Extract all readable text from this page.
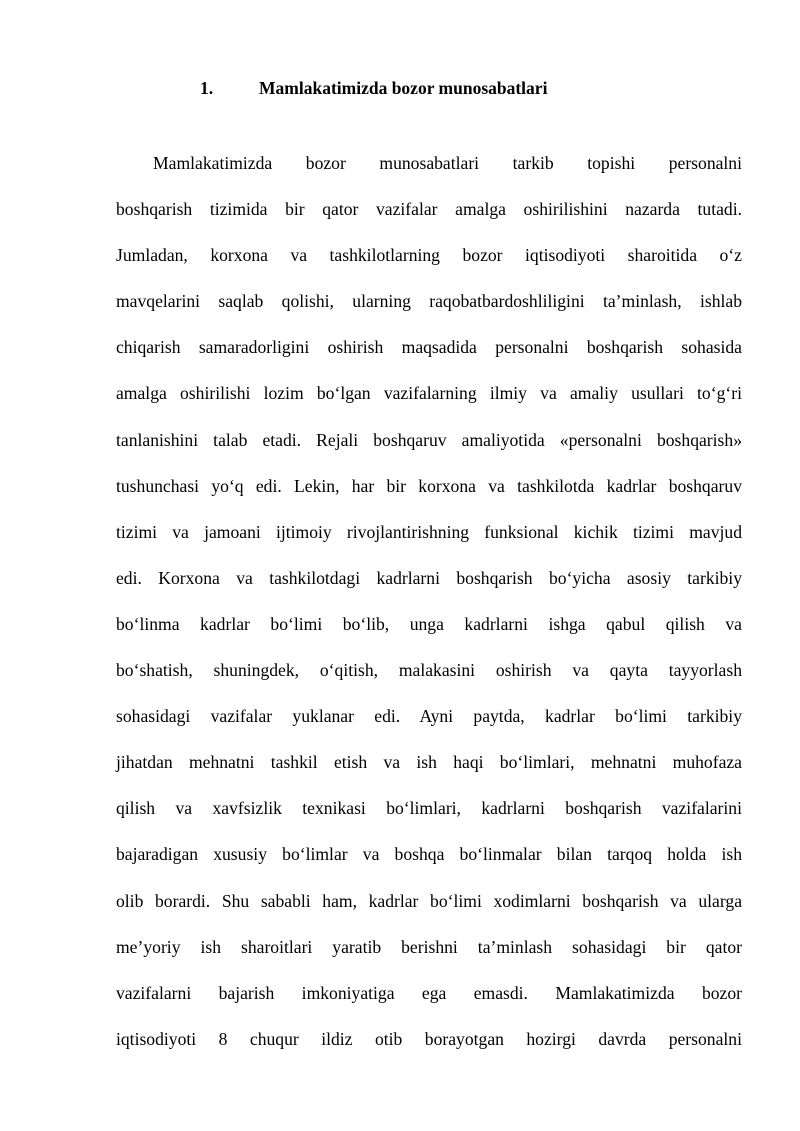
1.	Mamlakatimizda bozor munosabatlari
Mamlakatimizda bozor munosabatlari tarkib topishi personalni
boshqarish tizimida bir qator vazifalar amalga oshirilishini nazarda tutadi.
Jumladan, korxona va tashkilotlarning bozor iqtisodiyoti sharoitida o‘z
mavqelarini saqlab qolishi, ularning raqobatbardoshliligini ta’minlash, ishlab
chiqarish samaradorligini oshirish maqsadida personalni boshqarish sohasida
amalga oshirilishi lozim bo‘lgan vazifalarning ilmiy va amaliy usullari to‘g‘ri
tanlanishini talab etadi. Rejali boshqaruv amaliyotida «personalni boshqarish»
tushunchasi yo‘q edi. Lekin, har bir korxona va tashkilotda kadrlar boshqaruv
tizimi va jamoani ijtimoiy rivojlantirishning funksional kichik tizimi mavjud
edi. Korxona va tashkilotdagi kadrlarni boshqarish bo‘yicha asosiy tarkibiy
bo‘linma kadrlar bo‘limi bo‘lib, unga kadrlarni ishga qabul qilish va
bo‘shatish, shuningdek, o‘qitish, malakasini oshirish va qayta tayyorlash
sohasidagi vazifalar yuklanar edi. Ayni paytda, kadrlar bo‘limi tarkibiy
jihatdan mehnatni tashkil etish va ish haqi bo‘limlari, mehnatni muhofaza
qilish va xavfsizlik texnikasi bo‘limlari, kadrlarni boshqarish vazifalarini
bajaradigan xususiy bo‘limlar va boshqa bo‘linmalar bilan tarqoq holda ish
olib borardi. Shu sababli ham, kadrlar bo‘limi xodimlarni boshqarish va ularga
me’yoriy ish sharoitlari yaratib berishni ta’minlash sohasidagi bir qator
vazifalarni bajarish imkoniyatiga ega emasdi. Mamlakatimizda bozor
iqtisodiyoti 8 chuqur ildiz otib borayotgan hozirgi davrda personalni
